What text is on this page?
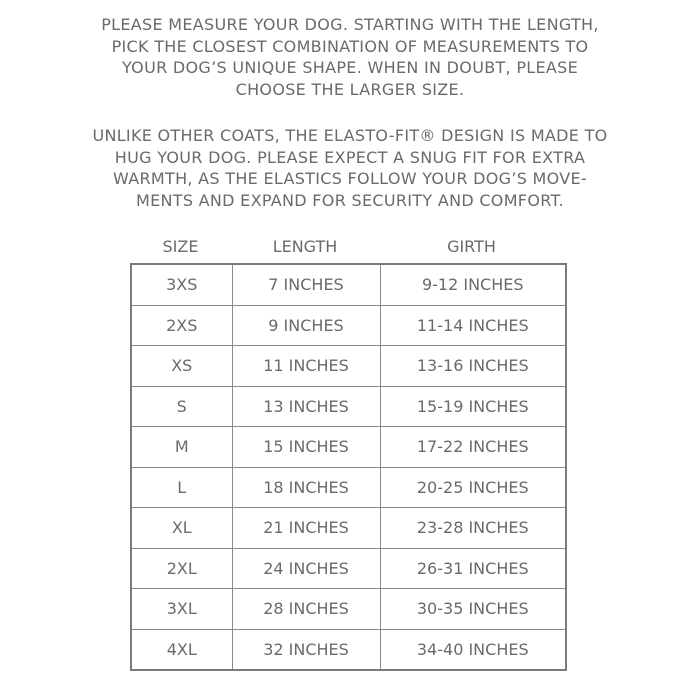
PLEASE MEASURE YOUR DOG. STARTING WITH THE LENGTH,
PICK THE CLOSEST COMBINATION OF MEASUREMENTS TO
YOUR DOG’S UNIQUE SHAPE. WHEN IN DOUBT, PLEASE
CHOOSE THE LARGER SIZE.
UNLIKE OTHER COATS, THE ELASTO-FIT® DESIGN IS MADE TO
HUG YOUR DOG. PLEASE EXPECT A SNUG FIT FOR EXTRA
WARMTH, AS THE ELASTICS FOLLOW YOUR DOG’S MOVE-
MENTS AND EXPAND FOR SECURITY AND COMFORT.
SIZE	LENGTH	GIRTH
3XS	7 INCHES	9-12 INCHES
2XS	9 INCHES	11-14 INCHES
XS	11 INCHES	13-16 INCHES
S	13 INCHES	15-19 INCHES
M	15 INCHES	17-22 INCHES
L	18 INCHES	20-25 INCHES
XL	21 INCHES	23-28 INCHES
2XL	24 INCHES	26-31 INCHES
3XL	28 INCHES	30-35 INCHES
4XL	32 INCHES	34-40 INCHES
